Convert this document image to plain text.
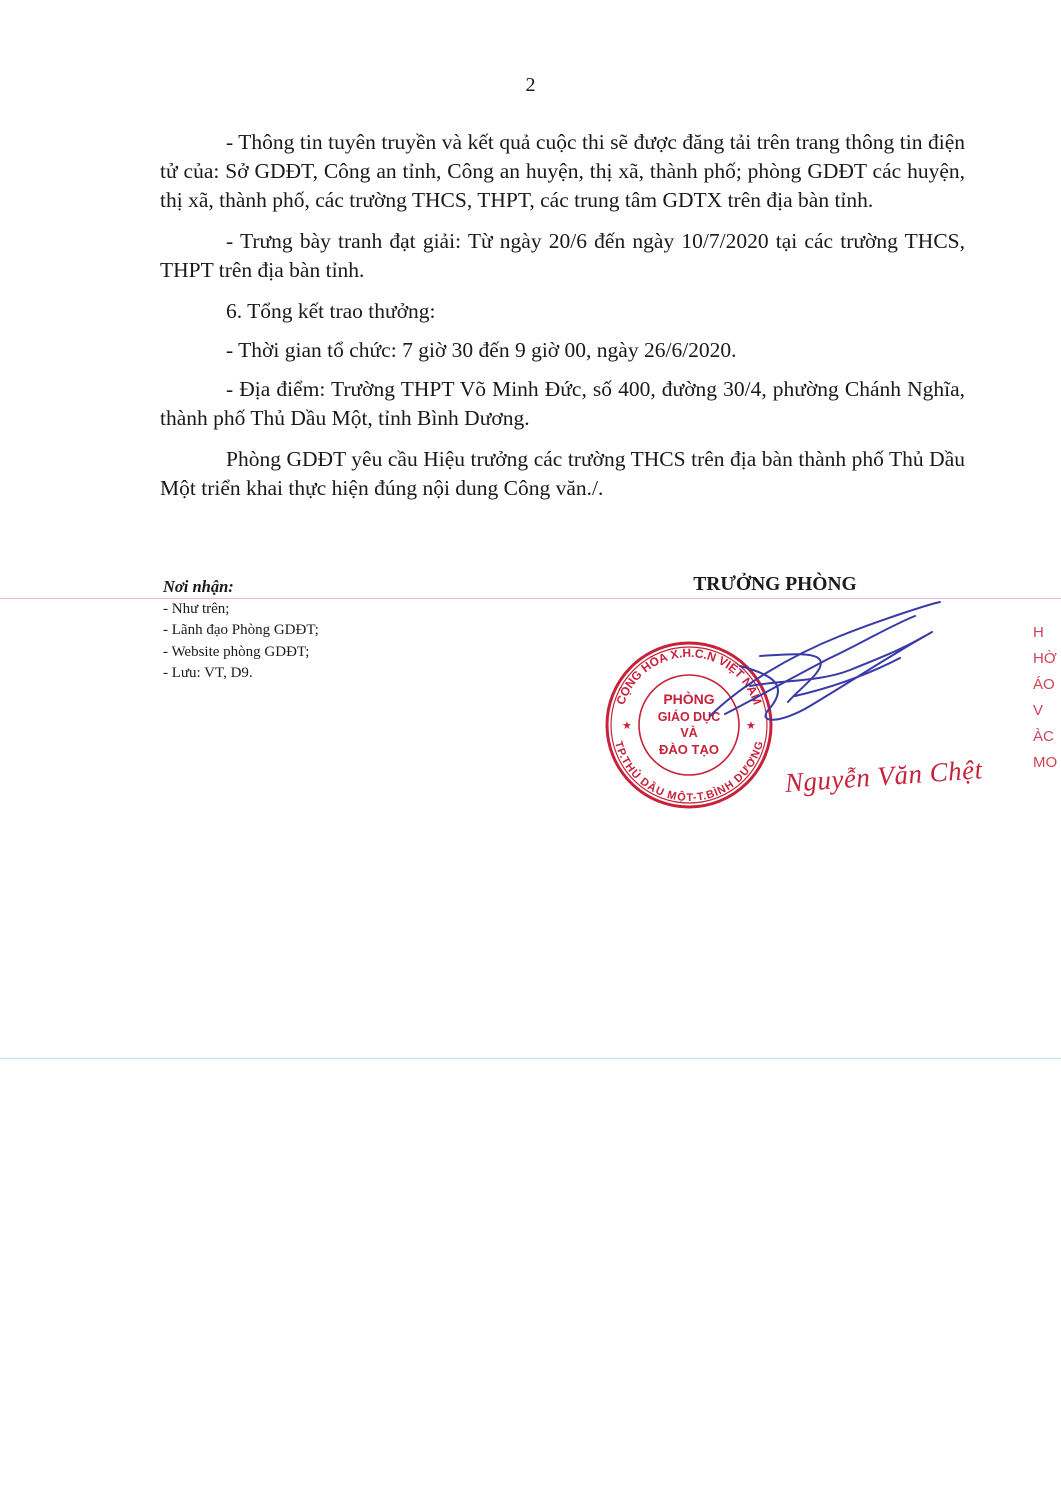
2

- Thông tin tuyên truyền và kết quả cuộc thi sẽ được đăng tải trên trang thông tin điện tử của: Sở GDĐT, Công an tỉnh, Công an huyện, thị xã, thành phố; phòng GDĐT các huyện, thị xã, thành phố, các trường THCS, THPT, các trung tâm GDTX trên địa bàn tỉnh.

- Trưng bày tranh đạt giải: Từ ngày 20/6 đến ngày 10/7/2020 tại các trường THCS, THPT trên địa bàn tỉnh.

6. Tổng kết trao thưởng:

- Thời gian tổ chức: 7 giờ 30 đến 9 giờ 00, ngày 26/6/2020.

- Địa điểm: Trường THPT Võ Minh Đức, số 400, đường 30/4, phường Chánh Nghĩa, thành phố Thủ Dầu Một, tỉnh Bình Dương.

Phòng GDĐT yêu cầu Hiệu trưởng các trường THCS trên địa bàn thành phố Thủ Dầu Một triển khai thực hiện đúng nội dung Công văn./.

Nơi nhận:
- Như trên;
- Lãnh đạo Phòng GDĐT;
- Website phòng GDĐT;
- Lưu: VT, D9.
TRƯỞNG PHÒNG
CỘNG HÒA X.H.C.N VIỆT NAM
TP.THỦ DẦU MỘT-T.BÌNH DƯƠNG
★	★
PHÒNG
GIÁO DỤC
VÀ
ĐÀO TẠO
Nguyễn Văn Chệt
H
HỜ
ÁO
V
ÀC
MO
